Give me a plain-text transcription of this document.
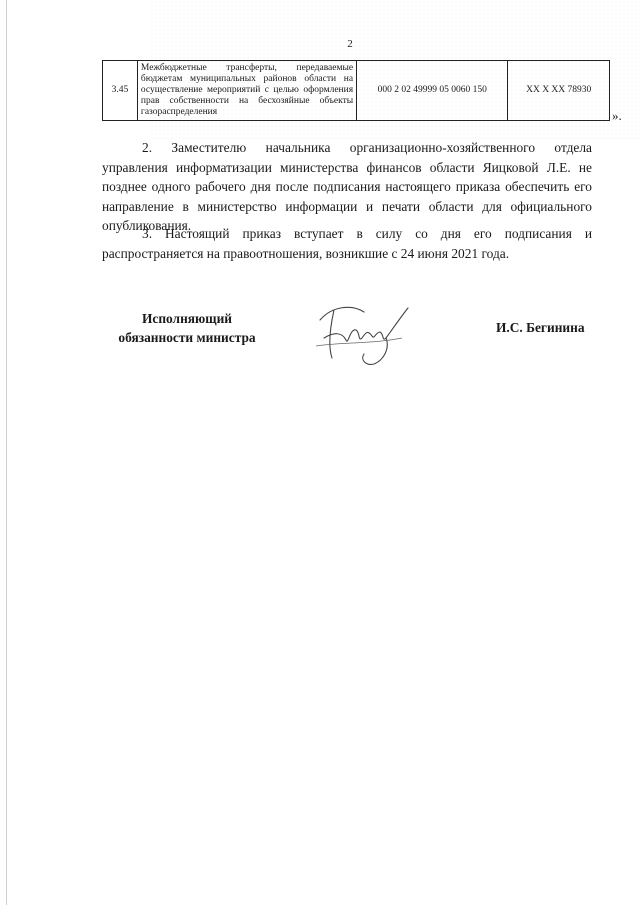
2
3.45	Межбюджетные трансферты, передаваемые бюджетам муниципальных районов области на осуществление мероприятий с целью оформления прав собственности на бесхозяйные объекты газораспределения	000 2 02 49999 05 0060 150	ХХ Х ХХ 78930
».

2. Заместителю начальника организационно-хозяйственного отдела управления информатизации министерства финансов области Яицковой Л.Е. не позднее одного рабочего дня после подписания настоящего приказа обеспечить его направление в министерство информации и печати области для официального опубликования.

3. Настоящий приказ вступает в силу со дня его подписания и распространяется на правоотношения, возникшие с 24 июня 2021 года.

Исполняющий
обязанности министра
И.С. Бегинина
